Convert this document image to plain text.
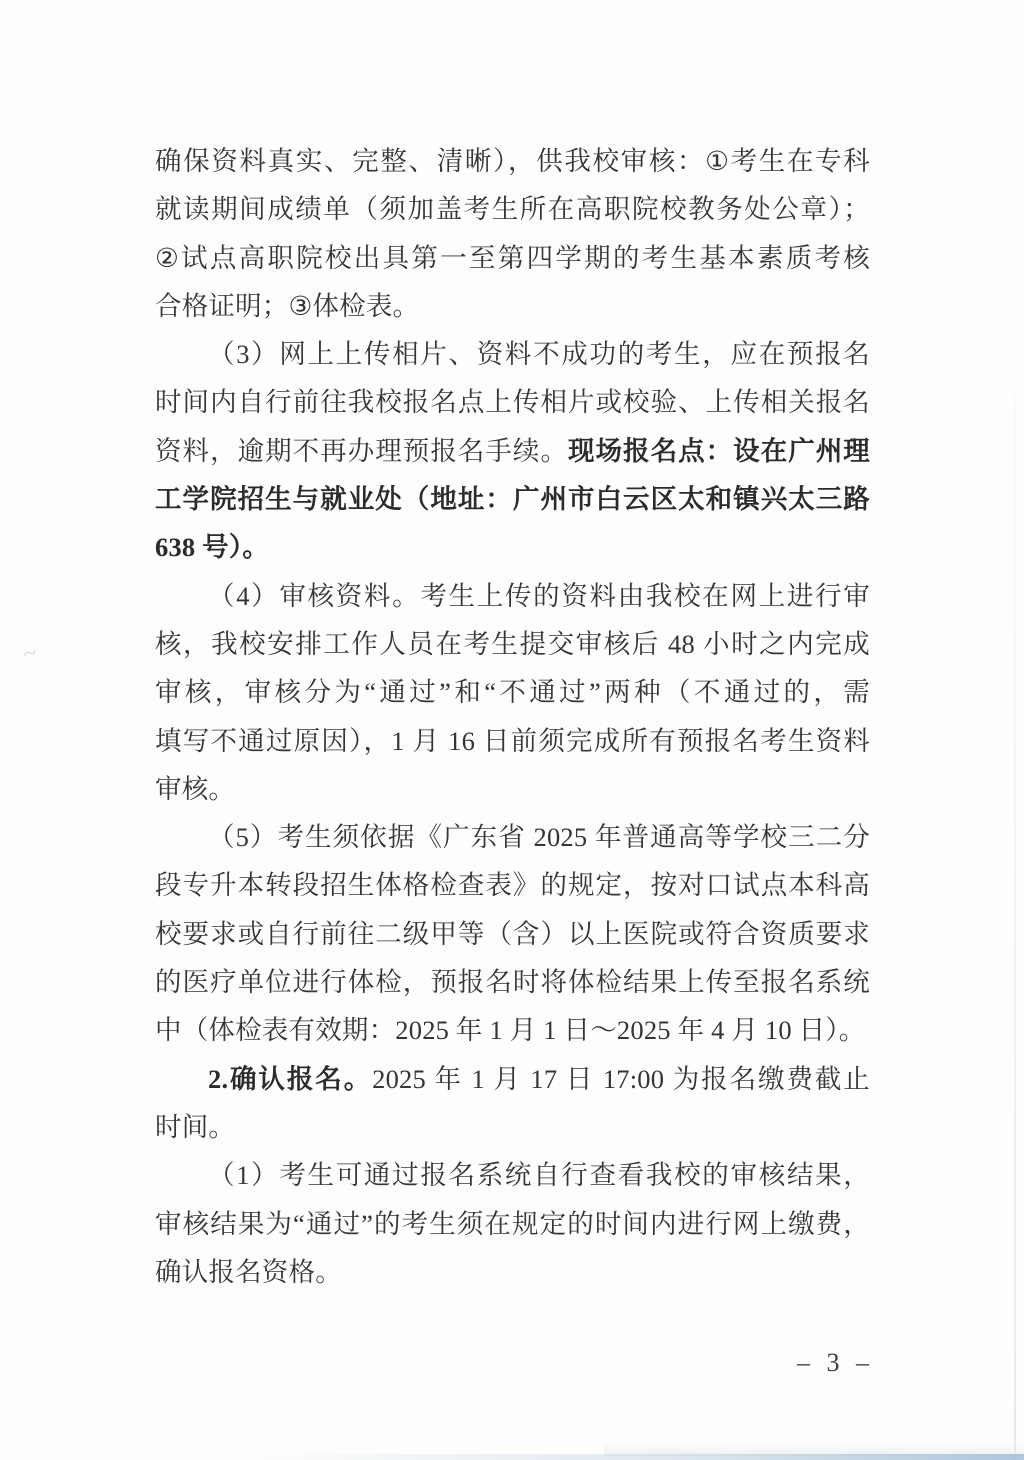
确保资料真实、完整、清晰），供我校审核：①考生在专科
就读期间成绩单（须加盖考生所在高职院校教务处公章）；
②试点高职院校出具第一至第四学期的考生基本素质考核
合格证明；③体检表。
（3）网上上传相片、资料不成功的考生，应在预报名
时间内自行前往我校报名点上传相片或校验、上传相关报名
资料，逾期不再办理预报名手续。现场报名点：设在广州理
工学院招生与就业处（地址：广州市白云区太和镇兴太三路
638 号）。
（4）审核资料。考生上传的资料由我校在网上进行审
核，我校安排工作人员在考生提交审核后 48 小时之内完成
审核，审核分为“通过”和“不通过”两种（不通过的，需
填写不通过原因），1 月 16 日前须完成所有预报名考生资料
审核。
（5）考生须依据《广东省 2025 年普通高等学校三二分
段专升本转段招生体格检查表》的规定，按对口试点本科高
校要求或自行前往二级甲等（含）以上医院或符合资质要求
的医疗单位进行体检，预报名时将体检结果上传至报名系统
中（体检表有效期：2025 年 1 月 1 日～2025 年 4 月 10 日）。
2.确认报名。2025 年 1 月 17 日 17:00 为报名缴费截止
时间。
（1）考生可通过报名系统自行查看我校的审核结果，
审核结果为“通过”的考生须在规定的时间内进行网上缴费，
确认报名资格。
– 3 –
~
